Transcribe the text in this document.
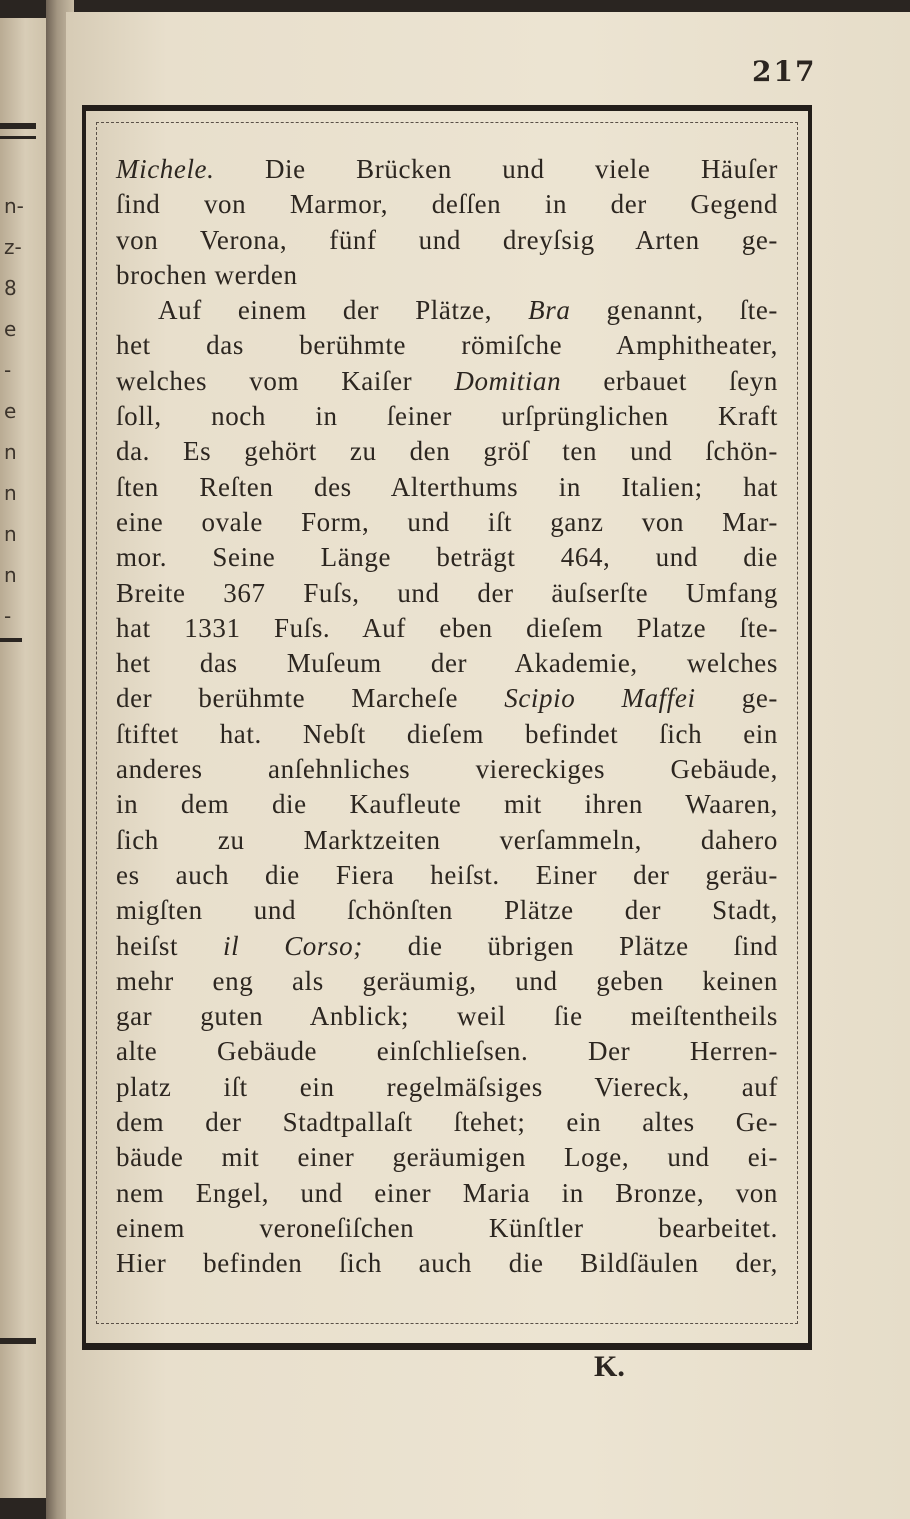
n-
z-
8
e
-
e
n
n
n
n
-
217
Michele. Die Brücken und viele Häuſer
ſind von Marmor, deſſen in der Gegend
von Verona, fünf und dreyſsig Arten ge-
brochen werden
Auf einem der Plätze, Bra genannt, ſte-
het das berühmte römiſche Amphitheater,
welches vom Kaiſer Domitian erbauet ſeyn
ſoll, noch in ſeiner urſprünglichen Kraft
da. Es gehört zu den gröſ ten und ſchön-
ſten Reſten des Alterthums in Italien; hat
eine ovale Form, und iſt ganz von Mar-
mor. Seine Länge beträgt 464, und die
Breite 367 Fuſs, und der äuſserſte Umfang
hat 1331 Fuſs. Auf eben dieſem Platze ſte-
het das Muſeum der Akademie, welches
der berühmte Marcheſe Scipio Maffei ge-
ſtiftet hat. Nebſt dieſem befindet ſich ein
anderes anſehnliches viereckiges Gebäude,
in dem die Kaufleute mit ihren Waaren,
ſich zu Marktzeiten verſammeln, dahero
es auch die Fiera heiſst. Einer der geräu-
migſten und ſchönſten Plätze der Stadt,
heiſst il Corso; die übrigen Plätze ſind
mehr eng als geräumig, und geben keinen
gar guten Anblick; weil ſie meiſtentheils
alte Gebäude einſchlieſsen. Der Herren-
platz iſt ein regelmäſsiges Viereck, auf
dem der Stadtpallaſt ſtehet; ein altes Ge-
bäude mit einer geräumigen Loge, und ei-
nem Engel, und einer Maria in Bronze, von
einem veroneſiſchen Künſtler bearbeitet.
Hier befinden ſich auch die Bildſäulen der,
K.
